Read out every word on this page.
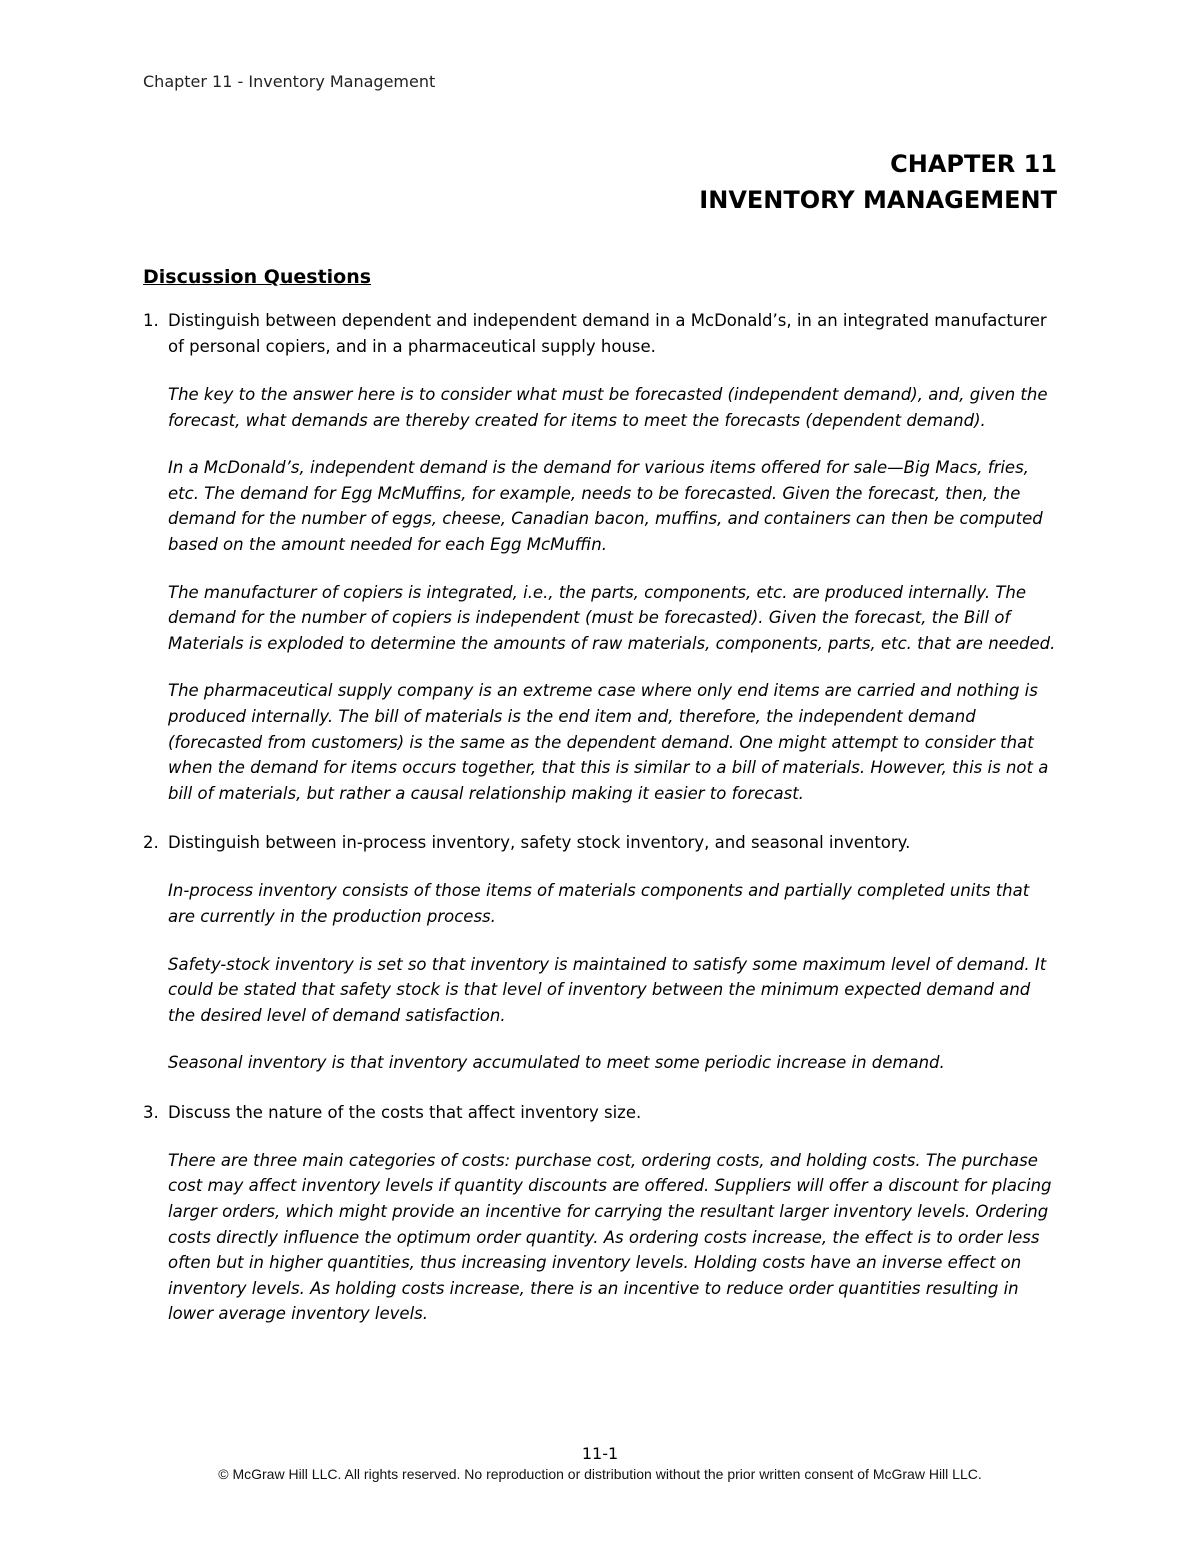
Chapter 11 - Inventory Management
CHAPTER 11
INVENTORY MANAGEMENT
Discussion Questions
1. Distinguish between dependent and independent demand in a McDonald’s, in an integrated manufacturer of personal copiers, and in a pharmaceutical supply house.
The key to the answer here is to consider what must be forecasted (independent demand), and, given the forecast, what demands are thereby created for items to meet the forecasts (dependent demand).
In a McDonald’s, independent demand is the demand for various items offered for sale—Big Macs, fries, etc. The demand for Egg McMuffins, for example, needs to be forecasted. Given the forecast, then, the demand for the number of eggs, cheese, Canadian bacon, muffins, and containers can then be computed based on the amount needed for each Egg McMuffin.
The manufacturer of copiers is integrated, i.e., the parts, components, etc. are produced internally. The demand for the number of copiers is independent (must be forecasted). Given the forecast, the Bill of Materials is exploded to determine the amounts of raw materials, components, parts, etc. that are needed.
The pharmaceutical supply company is an extreme case where only end items are carried and nothing is produced internally. The bill of materials is the end item and, therefore, the independent demand (forecasted from customers) is the same as the dependent demand. One might attempt to consider that when the demand for items occurs together, that this is similar to a bill of materials. However, this is not a bill of materials, but rather a causal relationship making it easier to forecast.
2. Distinguish between in-process inventory, safety stock inventory, and seasonal inventory.
In-process inventory consists of those items of materials components and partially completed units that are currently in the production process.
Safety-stock inventory is set so that inventory is maintained to satisfy some maximum level of demand. It could be stated that safety stock is that level of inventory between the minimum expected demand and the desired level of demand satisfaction.
Seasonal inventory is that inventory accumulated to meet some periodic increase in demand.
3. Discuss the nature of the costs that affect inventory size.
There are three main categories of costs: purchase cost, ordering costs, and holding costs. The purchase cost may affect inventory levels if quantity discounts are offered. Suppliers will offer a discount for placing larger orders, which might provide an incentive for carrying the resultant larger inventory levels. Ordering costs directly influence the optimum order quantity. As ordering costs increase, the effect is to order less often but in higher quantities, thus increasing inventory levels. Holding costs have an inverse effect on inventory levels. As holding costs increase, there is an incentive to reduce order quantities resulting in lower average inventory levels.
11-1
© McGraw Hill LLC. All rights reserved. No reproduction or distribution without the prior written consent of McGraw Hill LLC.
